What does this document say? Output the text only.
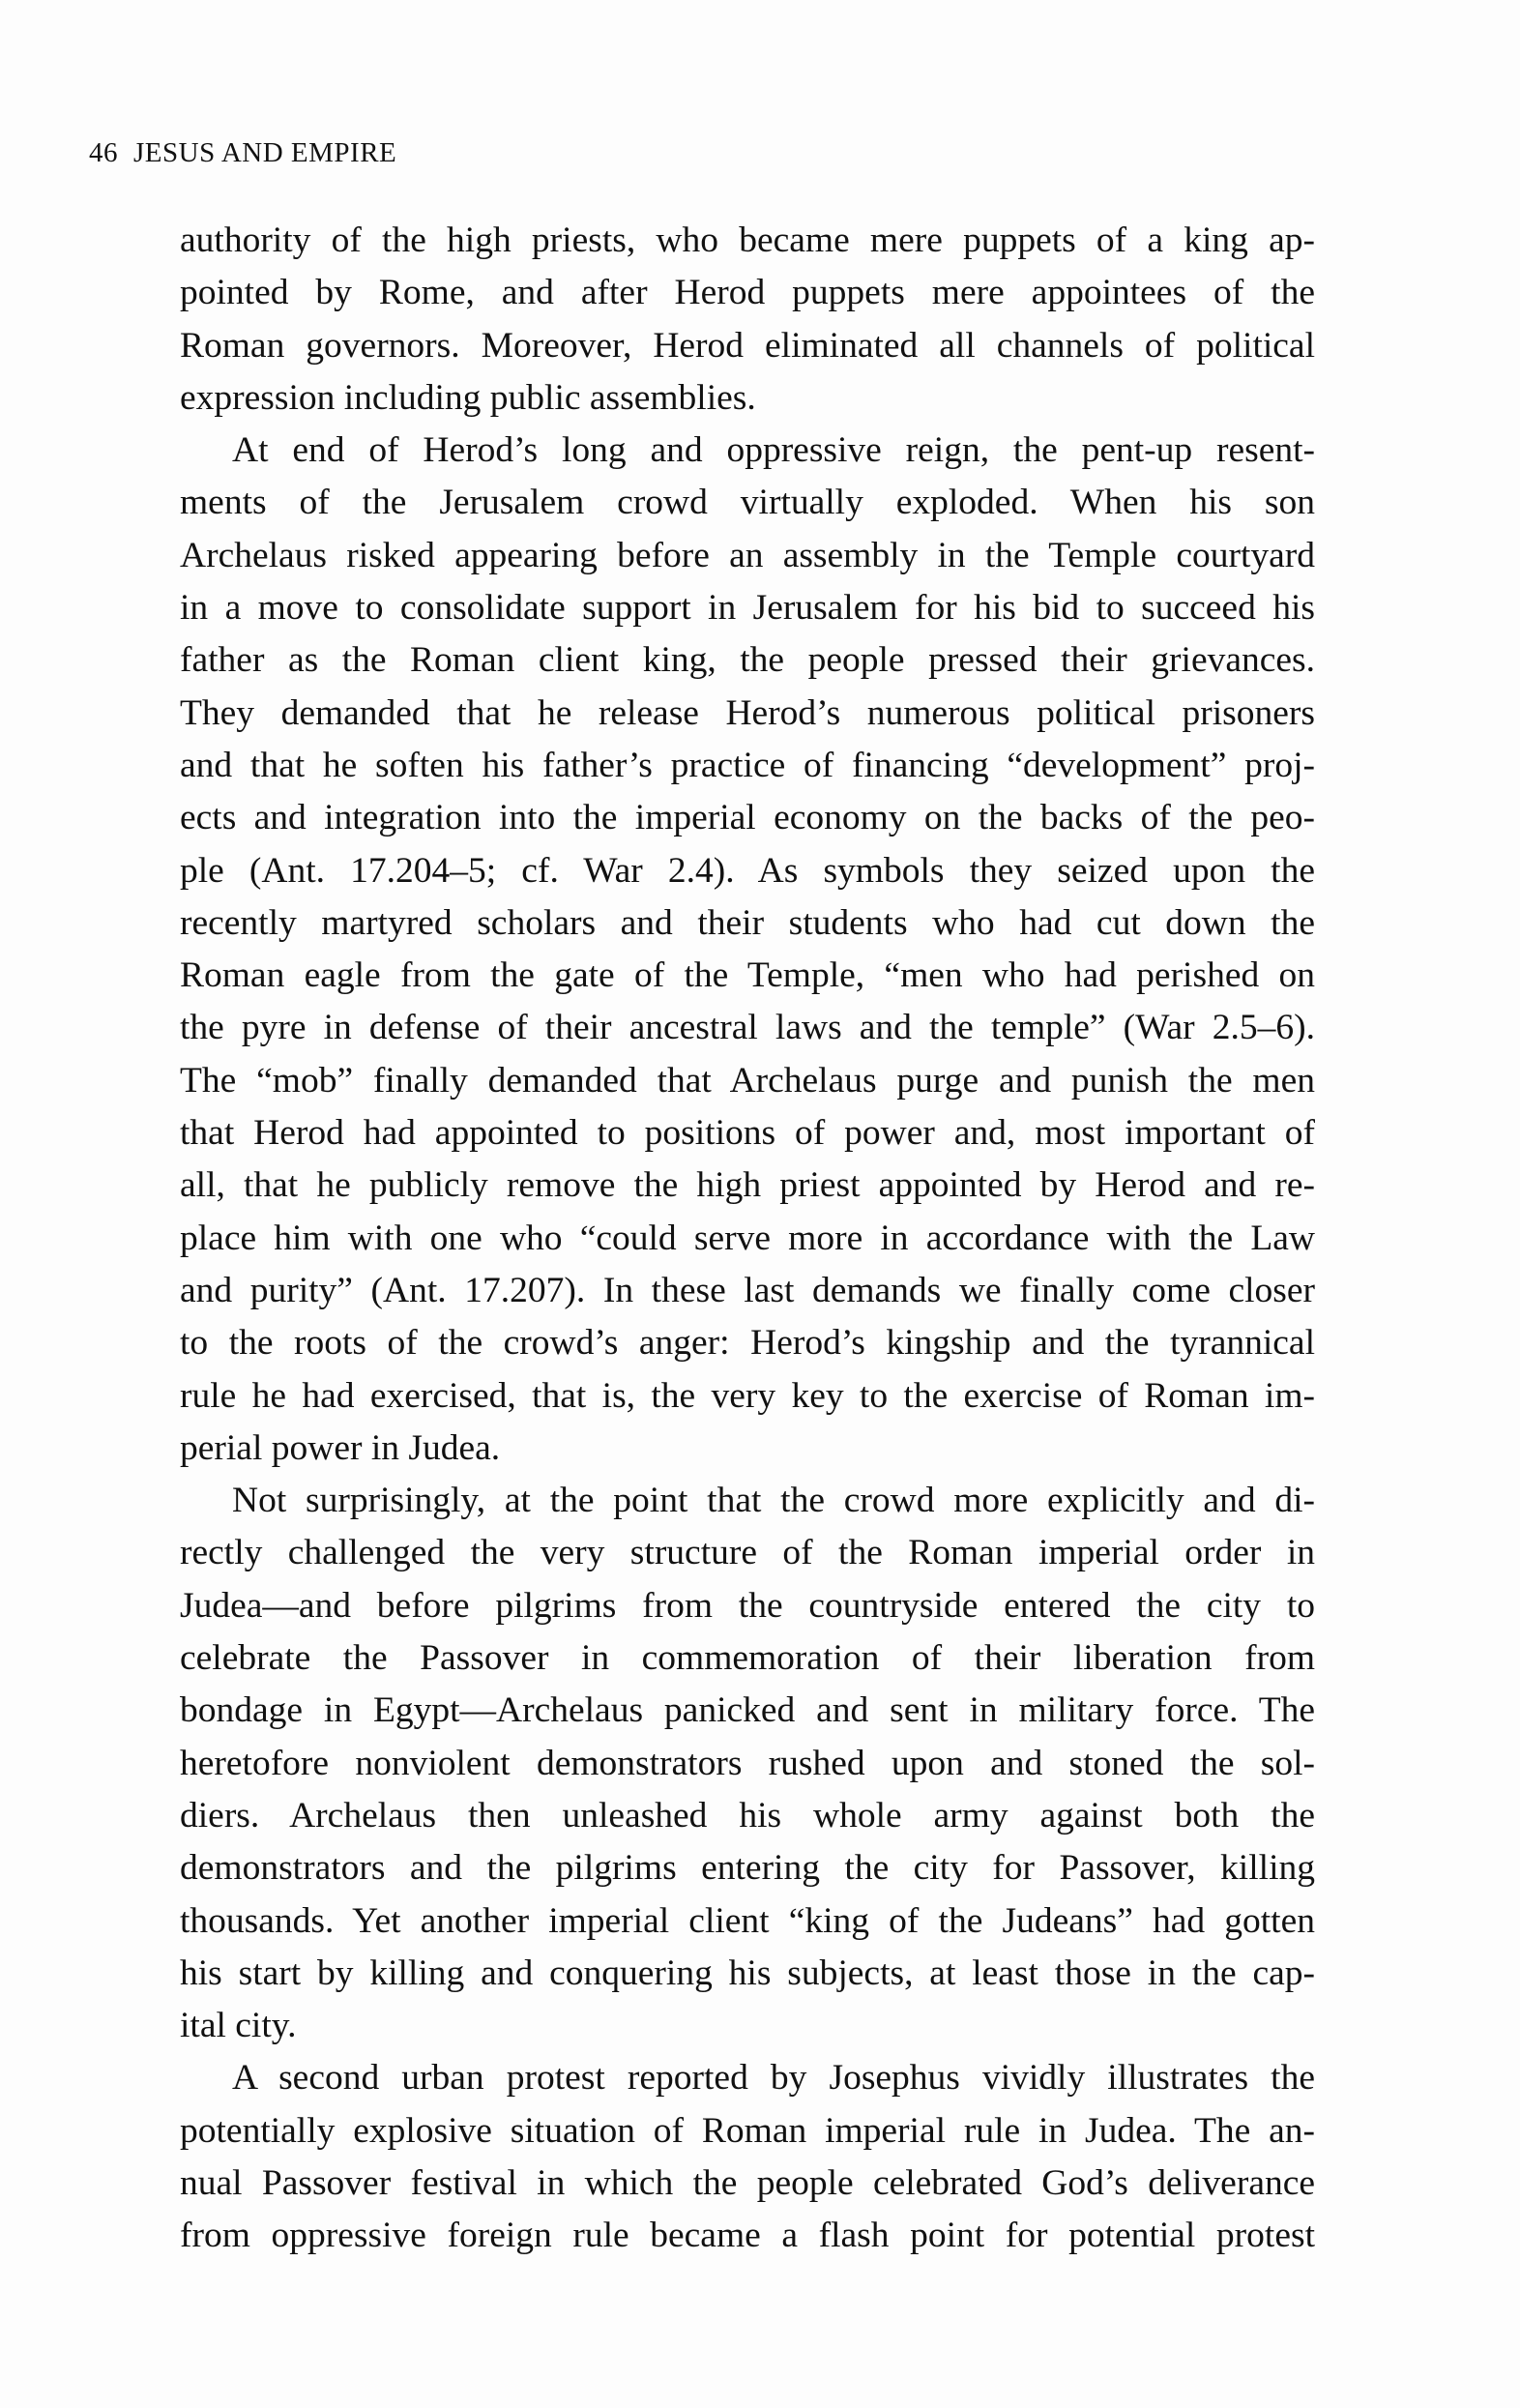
46 JESUS AND EMPIRE
authority of the high priests, who became mere puppets of a king ap-
pointed by Rome, and after Herod puppets mere appointees of the
Roman governors. Moreover, Herod eliminated all channels of political
expression including public assemblies.
At end of Herod’s long and oppressive reign, the pent-up resent-
ments of the Jerusalem crowd virtually exploded. When his son
Archelaus risked appearing before an assembly in the Temple courtyard
in a move to consolidate support in Jerusalem for his bid to succeed his
father as the Roman client king, the people pressed their grievances.
They demanded that he release Herod’s numerous political prisoners
and that he soften his father’s practice of financing “development” proj-
ects and integration into the imperial economy on the backs of the peo-
ple (Ant. 17.204–5; cf. War 2.4). As symbols they seized upon the
recently martyred scholars and their students who had cut down the
Roman eagle from the gate of the Temple, “men who had perished on
the pyre in defense of their ancestral laws and the temple” (War 2.5–6).
The “mob” finally demanded that Archelaus purge and punish the men
that Herod had appointed to positions of power and, most important of
all, that he publicly remove the high priest appointed by Herod and re-
place him with one who “could serve more in accordance with the Law
and purity” (Ant. 17.207). In these last demands we finally come closer
to the roots of the crowd’s anger: Herod’s kingship and the tyrannical
rule he had exercised, that is, the very key to the exercise of Roman im-
perial power in Judea.
Not surprisingly, at the point that the crowd more explicitly and di-
rectly challenged the very structure of the Roman imperial order in
Judea—and before pilgrims from the countryside entered the city to
celebrate the Passover in commemoration of their liberation from
bondage in Egypt—Archelaus panicked and sent in military force. The
heretofore nonviolent demonstrators rushed upon and stoned the sol-
diers. Archelaus then unleashed his whole army against both the
demonstrators and the pilgrims entering the city for Passover, killing
thousands. Yet another imperial client “king of the Judeans” had gotten
his start by killing and conquering his subjects, at least those in the cap-
ital city.
A second urban protest reported by Josephus vividly illustrates the
potentially explosive situation of Roman imperial rule in Judea. The an-
nual Passover festival in which the people celebrated God’s deliverance
from oppressive foreign rule became a flash point for potential protest
